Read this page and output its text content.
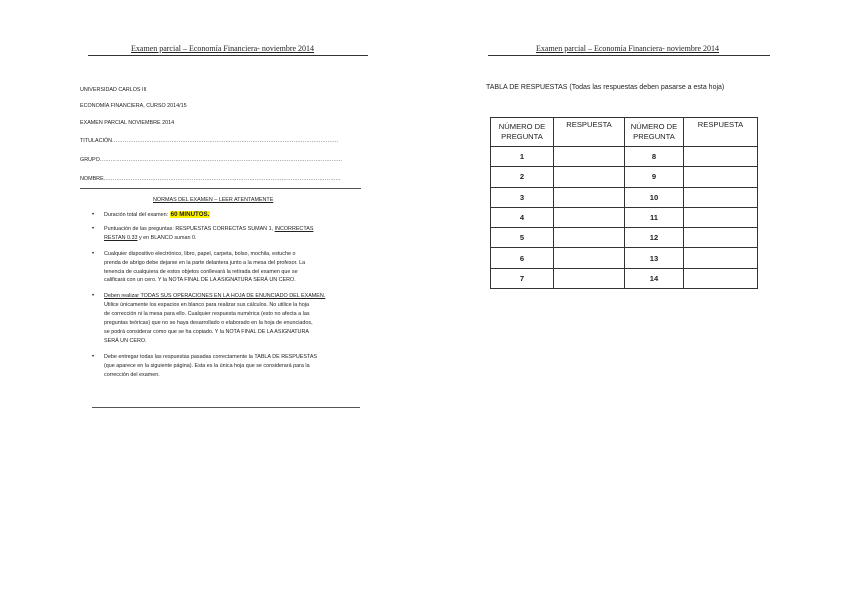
Examen parcial – Economía Financiera- noviembre 2014
UNIVERSIDAD CARLOS III
ECONOMÍA FINANCIERA, CURSO 2014/15
EXAMEN PARCIAL NOVIEMBRE 2014
TITULACIÓN………………………………………………………………………………………………………………
GRUPO………………………………………………………………………………………………………………………
NOMBRE……………………………………………………………………………………………………………………
NORMAS DEL EXAMEN – LEER ATENTAMENTE
• Duración total del examen: 60 MINUTOS.
• Puntuación de las preguntas: RESPUESTAS CORRECTAS SUMAN 1, INCORRECTAS
RESTAN 0.33 y en BLANCO suman 0.
• Cualquier dispositivo electrónico, libro, papel, carpeta, bolso, mochila, estuche o
prenda de abrigo debe dejarse en la parte delantera junto a la mesa del profesor. La
tenencia de cualquiera de estos objetos conllevará la retirada del examen que se
calificará con un cero. Y la NOTA FINAL DE LA ASIGNATURA SERÁ UN CERO.
• Deben realizar TODAS SUS OPERACIONES EN LA HOJA DE ENUNCIADO DEL EXAMEN.
Utilice únicamente los espacios en blanco para realizar sus cálculos. No utilice la hoja
de corrección ni la mesa para ello. Cualquier respuesta numérica (esto no afecta a las
preguntas teóricas) que no se haya desarrollado o elaborado en la hoja de enunciados,
se podrá considerar como que se ha copiado. Y la NOTA FINAL DE LA ASIGNATURA
SERÁ UN CERO.
• Debe entregar todas las respuestas pasadas correctamente la TABLA DE RESPUESTAS
(que aparece en la siguiente página). Esta es la única hoja que se considerará para la
corrección del examen.
Examen parcial – Economía Financiera- noviembre 2014
TABLA DE RESPUESTAS (Todas las respuestas deben pasarse a esta hoja)
NÚMERO DE
PREGUNTA	RESPUESTA	NÚMERO DE
PREGUNTA	RESPUESTA
1		8	
2		9	
3		10	
4		11	
5		12	
6		13	
7		14	
